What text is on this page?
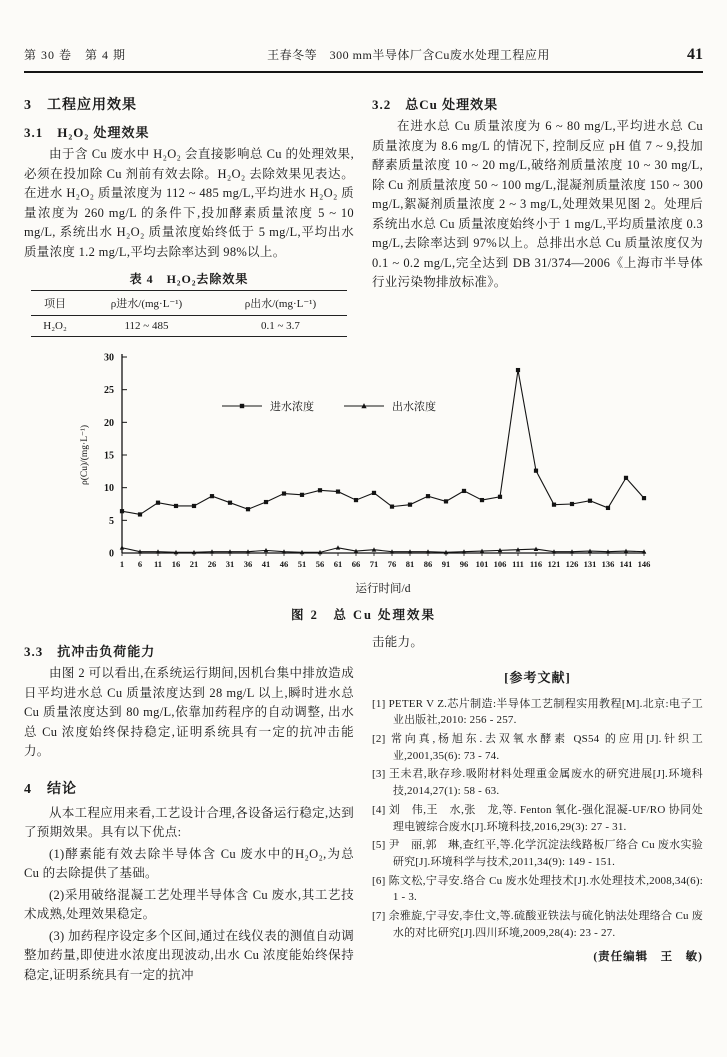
第 30 卷　第 4 期	王春冬等　300 mm半导体厂含Cu废水处理工程应用	41
3　工程应用效果
3.1　H₂O₂ 处理效果

由于含 Cu 废水中 H₂O₂ 会直接影响总 Cu 的处理效果,必须在投加除 Cu 剂前有效去除。H₂O₂ 去除效果见表达。在进水 H₂O₂ 质量浓度为 112 ~ 485 mg/L,平均进水 H₂O₂ 质量浓度为 260 mg/L 的条件下,投加酵素质量浓度 5 ~ 10 mg/L, 系统出水 H₂O₂ 质量浓度始终低于 5 mg/L,平均出水质量浓度 1.2 mg/L,平均去除率达到 98%以上。

表 4　H₂O₂去除效果
项目	ρ进水/(mg·L⁻¹)	ρ出水/(mg·L⁻¹)
H₂O₂	112 ~ 485	0.1 ~ 3.7
3.2　总Cu 处理效果

在进水总 Cu 质量浓度为 6 ~ 80 mg/L,平均进水总 Cu 质量浓度为 8.6 mg/L 的情况下, 控制反应 pH 值 7 ~ 9,投加酵素质量浓度 10 ~ 20 mg/L,破络剂质量浓度 10 ~ 30 mg/L, 除 Cu 剂质量浓度 50 ~ 100 mg/L,混凝剂质量浓度 150 ~ 300 mg/L,絮凝剂质量浓度 2 ~ 3 mg/L,处理效果见图 2。处理后系统出水总 Cu 质量浓度始终小于 1 mg/L,平均质量浓度 0.3 mg/L,去除率达到 97%以上。总排出水总 Cu 质量浓度仅为 0.1 ~ 0.2 mg/L,完全达到 DB 31/374—2006《上海市半导体行业污染物排放标准》。

0
5
10
15
20
25
30
1 6 11 16 21 26 31 36 41 46 51 56 61 66 71 76 81 86 91 96 101 106 111 116 121 126 131 136 141 146
进水浓度	出水浓度
ρ(Cu)/(mg·L⁻¹)
运行时间/d
图 2　总 Cu 处理效果
3.3　抗冲击负荷能力

由图 2 可以看出,在系统运行期间,因机台集中排放造成日平均进水总 Cu 质量浓度达到 28 mg/L 以上,瞬时进水总 Cu 质量浓度达到 80 mg/L,依靠加药程序的自动调整, 出水总 Cu 浓度始终保持稳定,证明系统具有一定的抗冲击能力。

4　结论

从本工程应用来看,工艺设计合理,各设备运行稳定,达到了预期效果。具有以下优点:

(1)酵素能有效去除半导体含 Cu 废水中的H₂O₂,为总 Cu 的去除提供了基础。

(2)采用破络混凝工艺处理半导体含 Cu 废水,其工艺技术成熟,处理效果稳定。

(3) 加药程序设定多个区间,通过在线仪表的测值自动调整加药量,即使进水浓度出现波动,出水 Cu 浓度能始终保持稳定,证明系统具有一定的抗冲

击能力。

[参考文献]
[1] PETER V Z.芯片制造:半导体工艺制程实用教程[M].北京:电子工业出版社,2010: 256 - 257.
[2] 常向真,杨旭东.去双氧水酵素 QS54 的应用[J].针织工业,2001,35(6): 73 - 74.
[3] 王未君,耿存珍.吸附材料处理重金属废水的研究进展[J].环境科技,2014,27(1): 58 - 63.
[4] 刘　伟,王　水,张　龙,等. Fenton 氧化-强化混凝-UF/RO 协同处理电镀综合废水[J].环境科技,2016,29(3): 27 - 31.
[5] 尹　丽,郭　琳,查红平,等.化学沉淀法线路板厂络合 Cu 废水实验研究[J].环境科学与技术,2011,34(9): 149 - 151.
[6] 陈文松,宁寻安.络合 Cu 废水处理技术[J].水处理技术,2008,34(6): 1 - 3.
[7] 余雅旋,宁寻安,李仕文,等.硫酸亚铁法与硫化钠法处理络合 Cu 废水的对比研究[J].四川环境,2009,28(4): 23 - 27.
(责任编辑　王　敏)
